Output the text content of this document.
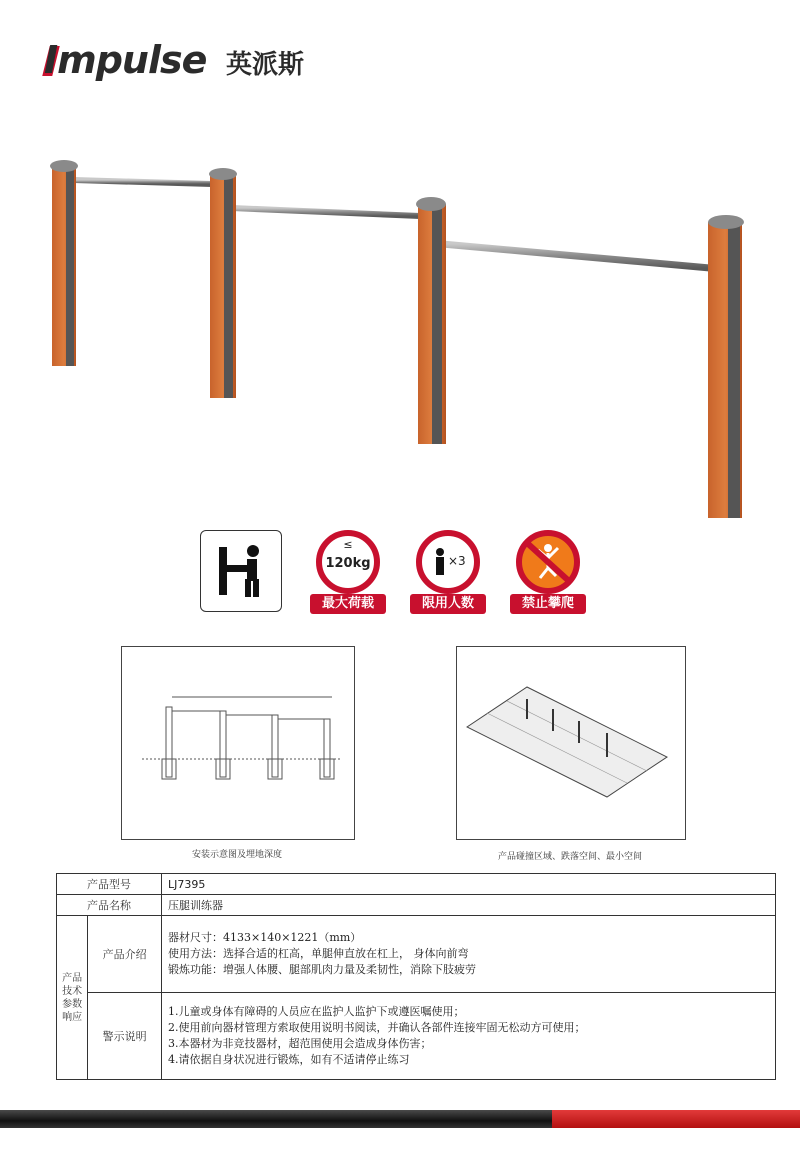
Impulse 英派斯
≤
120kg
最大荷载
×3
限用人数	禁止攀爬
安装示意图及埋地深度	产品碰撞区域、跌落空间、最小空间
产品型号		LJ7395
产品名称		压腿训练器
产品技术参数响应	产品介绍	器材尺寸：4133×140×1221（mm）
使用方法：选择合适的杠高，单腿伸直放在杠上， 身体向前弯
锻炼功能：增强人体腰、腿部肌肉力量及柔韧性，消除下肢疲劳

	警示说明	1.儿童或身体有障碍的人员应在监护人监护下或遵医嘱使用；
2.使用前向器材管理方索取使用说明书阅读，并确认各部件连接牢固无松动方可使用；
3.本器材为非竞技器材，超范围使用会造成身体伤害；
4.请依据自身状况进行锻炼，如有不适请停止练习
